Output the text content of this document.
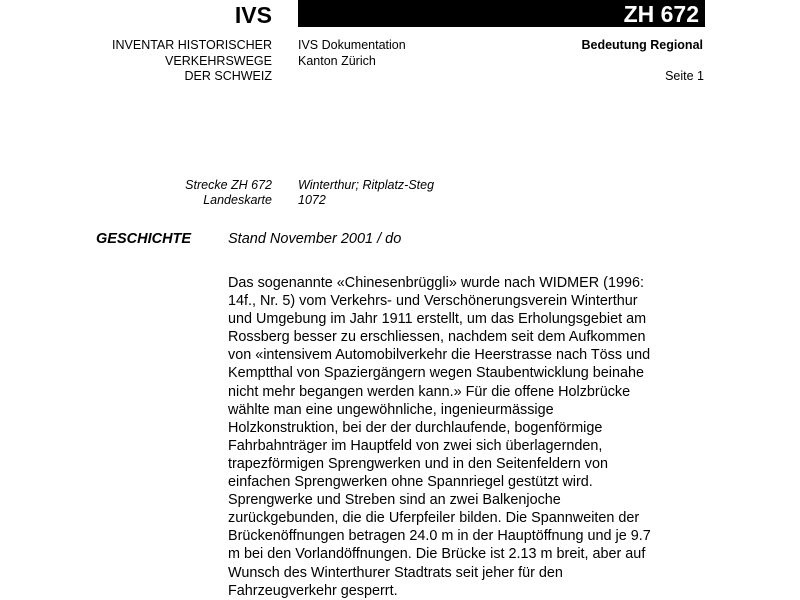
IVS	ZH 672
INVENTAR HISTORISCHER
VERKEHRSWEGE
DER SCHWEIZ
IVS Dokumentation
Kanton Zürich
Bedeutung Regional
Seite 1
Strecke ZH 672
Landeskarte
Winterthur; Ritplatz-Steg
1072
GESCHICHTE	Stand November 2001 / do
Das sogenannte «Chinesenbrüggli» wurde nach WIDMER (1996:
14f., Nr. 5) vom Verkehrs- und Verschönerungsverein Winterthur
und Umgebung im Jahr 1911 erstellt, um das Erholungsgebiet am
Rossberg besser zu erschliessen, nachdem seit dem Aufkommen
von «intensivem Automobilverkehr die Heerstrasse nach Töss und
Kemptthal von Spaziergängern wegen Staubentwicklung beinahe
nicht mehr begangen werden kann.» Für die offene Holzbrücke
wählte man eine ungewöhnliche, ingenieurmässige
Holzkonstruktion, bei der der durchlaufende, bogenförmige
Fahrbahnträger im Hauptfeld von zwei sich überlagernden,
trapezförmigen Sprengwerken und in den Seitenfeldern von
einfachen Sprengwerken ohne Spannriegel gestützt wird.
Sprengwerke und Streben sind an zwei Balkenjoche
zurückgebunden, die die Uferpfeiler bilden. Die Spannweiten der
Brückenöffnungen betragen 24.0 m in der Hauptöffnung und je 9.7
m bei den Vorlandöffnungen. Die Brücke ist 2.13 m breit, aber auf
Wunsch des Winterthurer Stadtrats seit jeher für den
Fahrzeugverkehr gesperrt.
